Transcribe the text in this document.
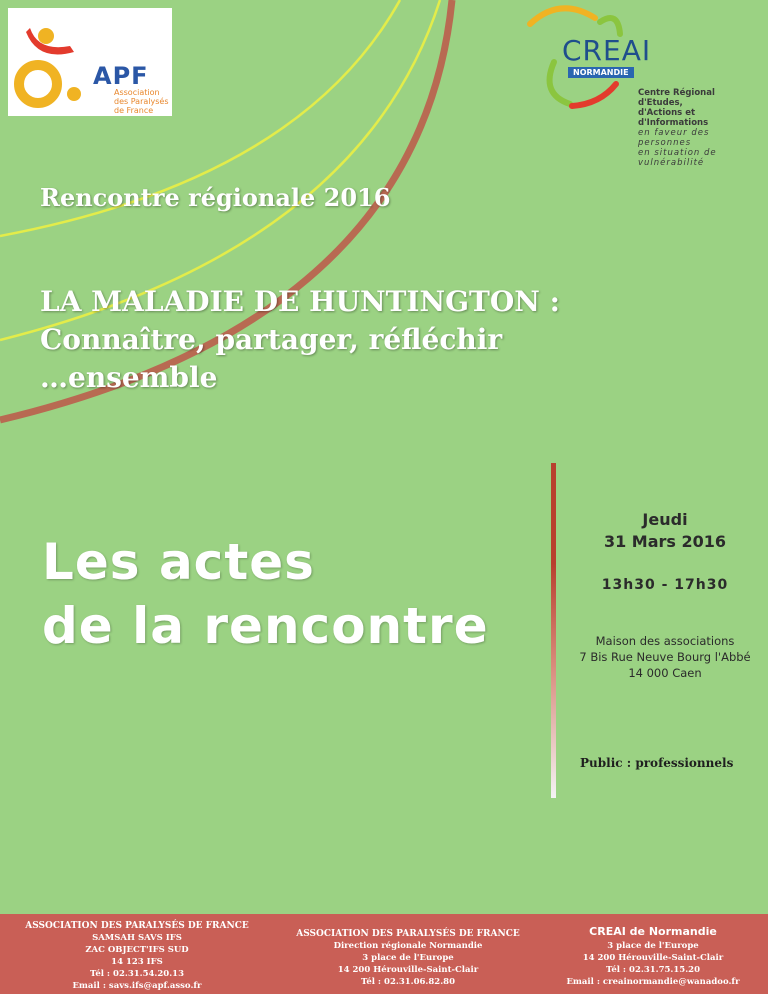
APF
Association
des Paralysés
de France
CREAI
NORMANDIE
Centre Régional d'Etudes,
d'Actions et d'Informations
en faveur des personnes
en situation de vulnérabilité
Rencontre régionale 2016
LA MALADIE DE HUNTINGTON :
Connaître, partager, réfléchir
…ensemble
Les actes
de la rencontre
Jeudi
31 Mars 2016
13h30 - 17h30
Maison des associations
7 Bis Rue Neuve Bourg l'Abbé
14 000 Caen
Public : professionnels
ASSOCIATION DES PARALYSÉS DE FRANCE
SAMSAH SAVS IFS
ZAC OBJECT'IFS SUD
14 123 IFS
Tél : 02.31.54.20.13
Email : savs.ifs@apf.asso.fr
ASSOCIATION DES PARALYSÉS DE FRANCE
Direction régionale Normandie
3 place de l'Europe
14 200 Hérouville-Saint-Clair
Tél : 02.31.06.82.80
CREAI de Normandie
3 place de l'Europe
14 200 Hérouville-Saint-Clair
Tél : 02.31.75.15.20
Email : creainormandie@wanadoo.fr
